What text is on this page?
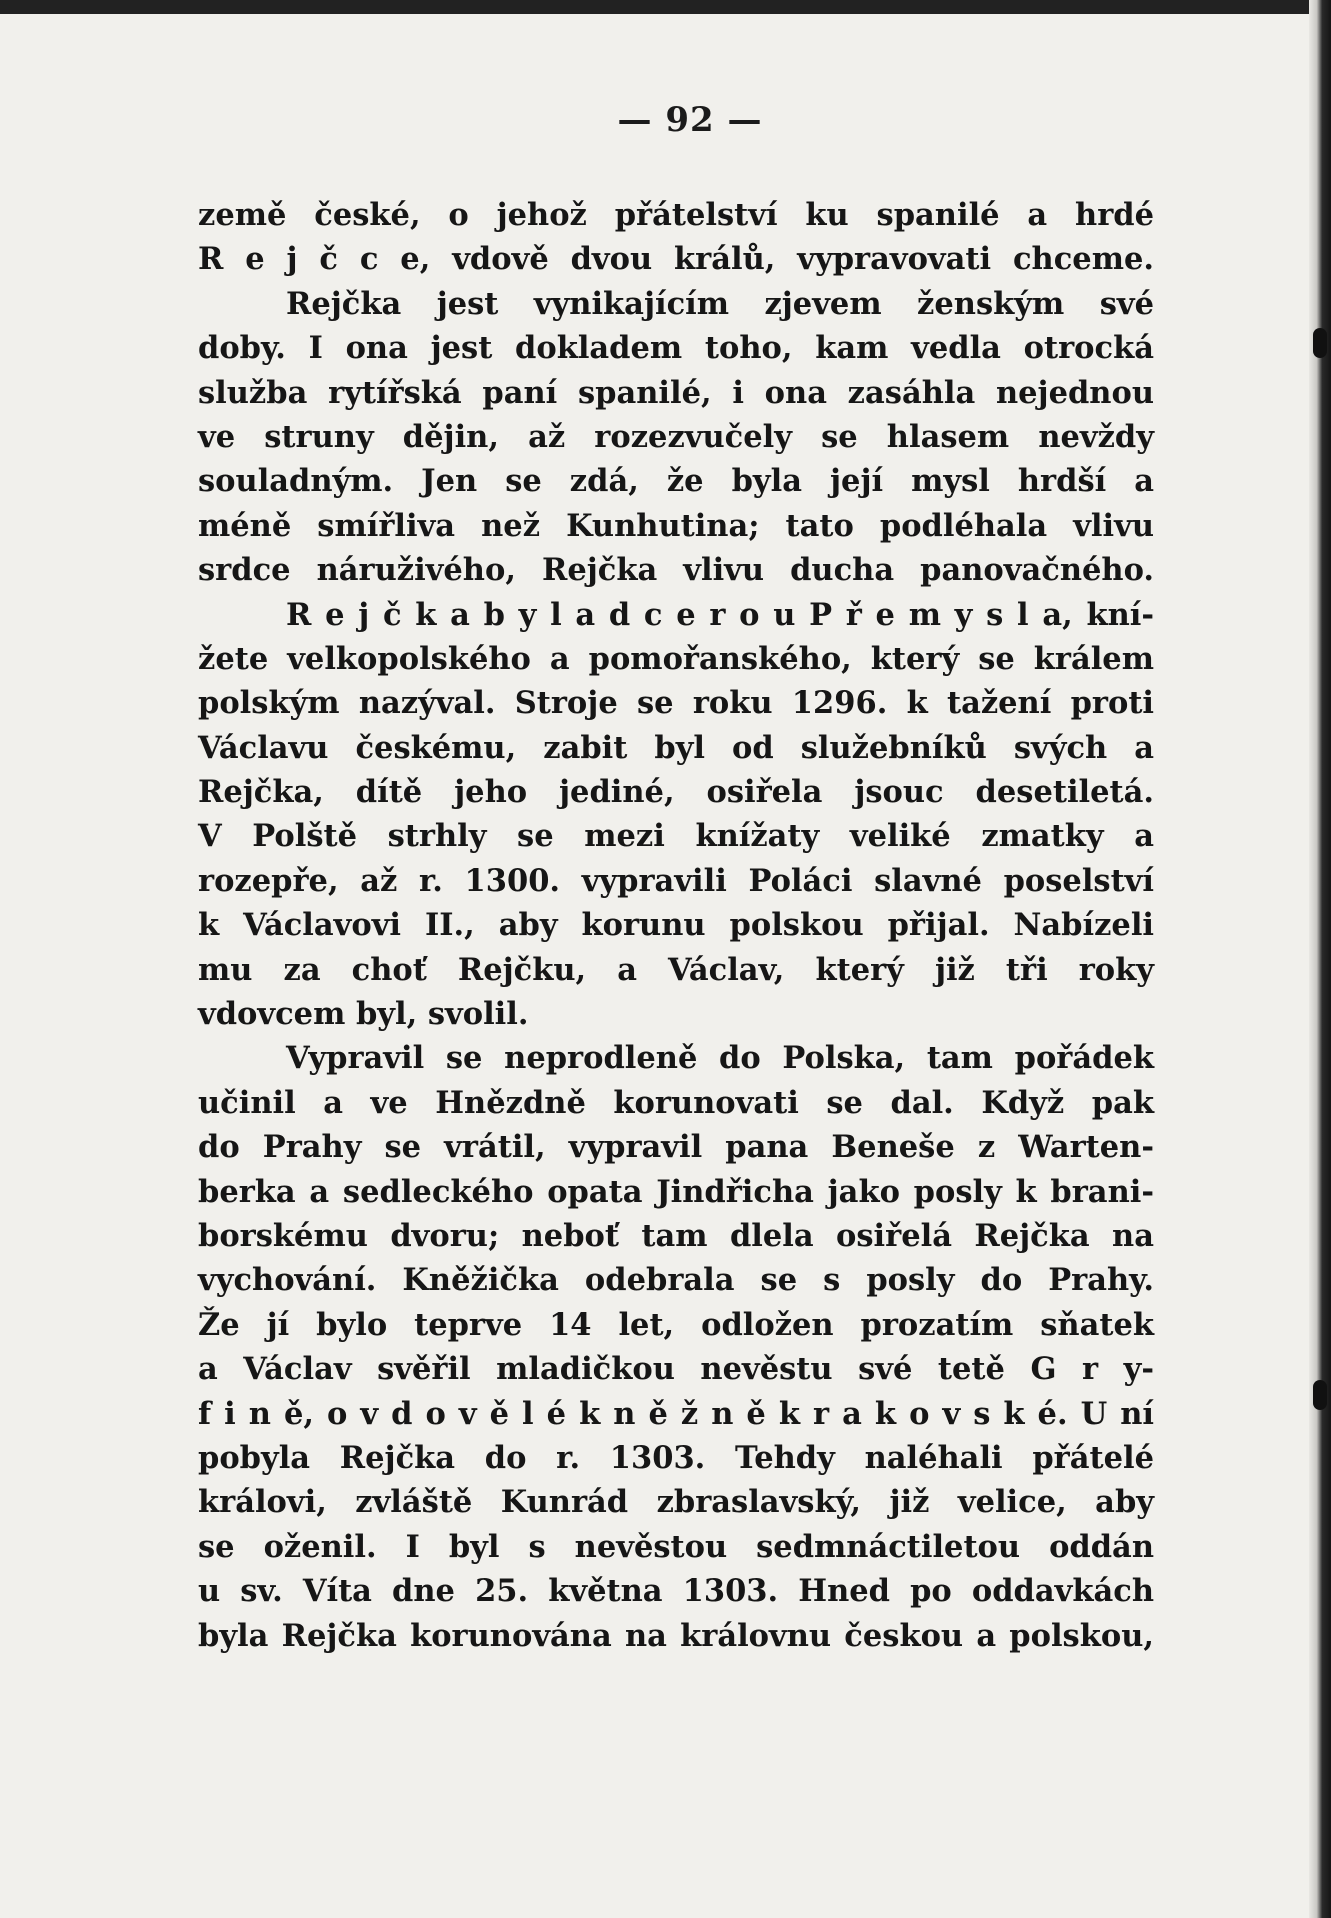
— 92 —
země české, o jehož přátelství ku spanilé a hrdé
R e j č c e, vdově dvou králů, vypravovati chceme.
Rejčka jest vynikajícím zjevem ženským své
doby. I ona jest dokladem toho, kam vedla otrocká
služba rytířská paní spanilé, i ona zasáhla nejednou
ve struny dějin, až rozezvučely se hlasem nevždy
souladným. Jen se zdá, že byla její mysl hrdší a
méně smířliva než Kunhutina; tato podléhala vlivu
srdce náruživého, Rejčka vlivu ducha panovačného.
R e j č k a b y l a d c e r o u P ř e m y s l a, kní-
žete velkopolského a pomořanského, který se králem
polským nazýval. Stroje se roku 1296. k tažení proti
Václavu českému, zabit byl od služebníků svých a
Rejčka, dítě jeho jediné, osiřela jsouc desetiletá.
V Polště strhly se mezi knížaty veliké zmatky a
rozepře, až r. 1300. vypravili Poláci slavné poselství
k Václavovi II., aby korunu polskou přijal. Nabízeli
mu za choť Rejčku, a Václav, který již tři roky
vdovcem byl, svolil.
Vypravil se neprodleně do Polska, tam pořádek
učinil a ve Hnězdně korunovati se dal. Když pak
do Prahy se vrátil, vypravil pana Beneše z Warten-
berka a sedleckého opata Jindřicha jako posly k brani-
borskému dvoru; neboť tam dlela osiřelá Rejčka na
vychování. Kněžička odebrala se s posly do Prahy.
Že jí bylo teprve 14 let, odložen prozatím sňatek
a Václav svěřil mladičkou nevěstu své tetě G r y-
f i n ě, o v d o v ě l é k n ě ž n ě k r a k o v s k é. U ní
pobyla Rejčka do r. 1303. Tehdy naléhali přátelé
královi, zvláště Kunrád zbraslavský, již velice, aby
se oženil. I byl s nevěstou sedmnáctiletou oddán
u sv. Víta dne 25. května 1303. Hned po oddavkách
byla Rejčka korunována na královnu českou a polskou,
